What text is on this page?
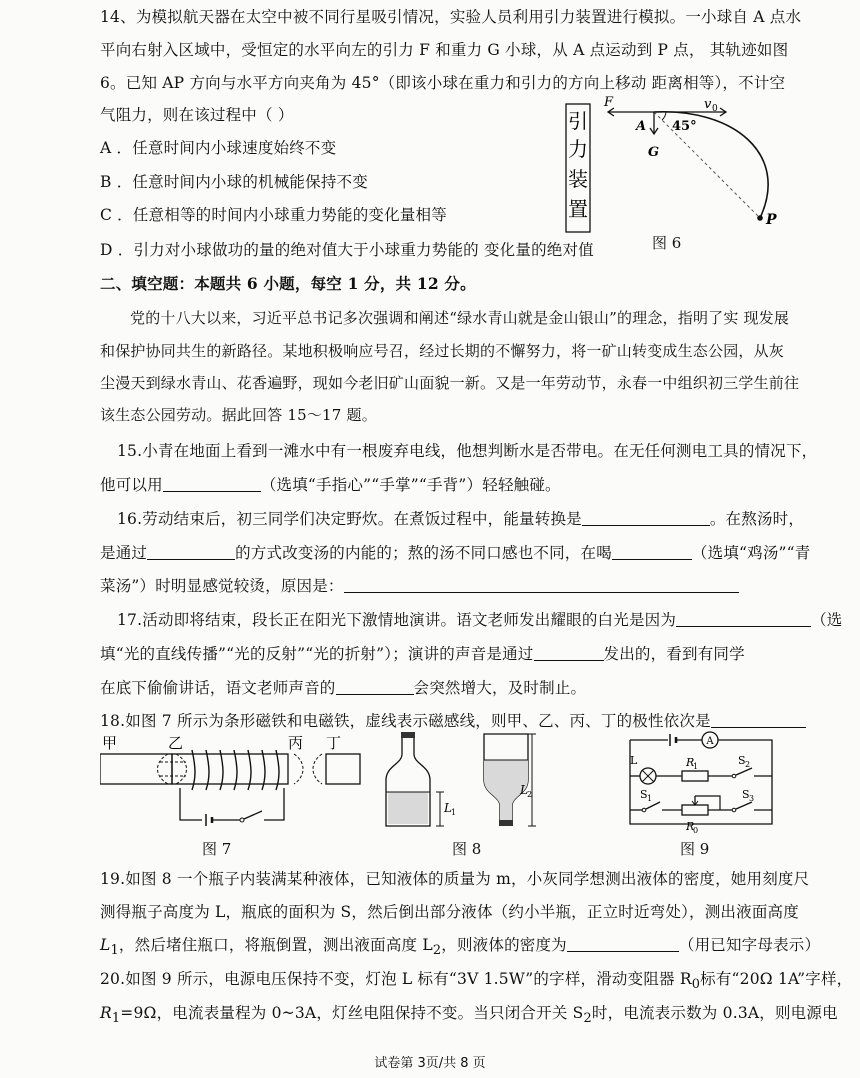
14、为模拟航天器在太空中被不同行星吸引情况，实验人员利用引力装置进行模拟。一小球自 A 点水
平向右射入区域中，受恒定的水平向左的引力 F 和重力 G 小球，从 A 点运动到 P 点， 其轨迹如图
6。已知 AP 方向与水平方向夹角为 45°（即该小球在重力和引力的方向上移动 距离相等），不计空
气阻力，则在该过程中（ ）
A ．任意时间内小球速度始终不变
B ．任意时间内小球的机械能保持不变
C ．任意相等的时间内小球重力势能的变化量相等
D ．引力对小球做功的量的绝对值大于小球重力势能的 变化量的绝对值
引
力
装
置
F	v 0
A
G
45°
P
图 6
二、填空题：本题共 6 小题，每空 1 分，共 12 分。
党的十八大以来，习近平总书记多次强调和阐述“绿水青山就是金山银山”的理念，指明了实 现发展
和保护协同共生的新路径。某地积极响应号召，经过长期的不懈努力，将一矿山转变成生态公园，从灰
尘漫天到绿水青山、花香遍野，现如今老旧矿山面貌一新。又是一年劳动节，永春一中组织初三学生前往
该生态公园劳动。据此回答 15～17 题。
15.小青在地面上看到一滩水中有一根废弃电线，他想判断水是否带电。在无任何测电工具的情况下，
他可以用	（选填“手指心”“手掌”“手背”）轻轻触碰。
16.劳动结束后，初三同学们决定野炊。在煮饭过程中，能量转换是	。在熬汤时，
是通过	的方式改变汤的内能的；熬的汤不同口感也不同，在喝	（选填“鸡汤”“青
菜汤”）时明显感觉较烫，原因是：
17.活动即将结束，段长正在阳光下激情地演讲。语文老师发出耀眼的白光是因为	（选
填“光的直线传播”“光的反射”“光的折射”）；演讲的声音是通过	发出的，看到有同学
在底下偷偷讲话，语文老师声音的	会突然增大，及时制止。
18.如图 7 所示为条形磁铁和电磁铁，虚线表示磁感线，则甲、乙、丙、丁的极性依次是
甲	乙	丙 丁
图 7
L 1
L 2
图 8
A
L	R
1	S 2
S 1
R
0
S 3
图 9
19.如图 8 一个瓶子内装满某种液体，已知液体的质量为 m，小灰同学想测出液体的密度，她用刻度尺
测得瓶子高度为 L，瓶底的面积为 S，然后倒出部分液体（约小半瓶，正立时近弯处），测出液面高度
$L_1$，然后堵住瓶口，将瓶倒置，测出液面高度 $L_2$，则液体的密度为	（用已知字母表示）
20.如图 9 所示，电源电压保持不变，灯泡 L 标有“3V 1.5W”的字样，滑动变阻器 $R_0$标有“20Ω 1A”字样，
$R_1=9\Omega$，电流表量程为 0~3A，灯丝电阻保持不变。当只闭合开关 $S_2$时，电流表示数为 0.3A，则电源电
试卷第 3页/共 8 页
